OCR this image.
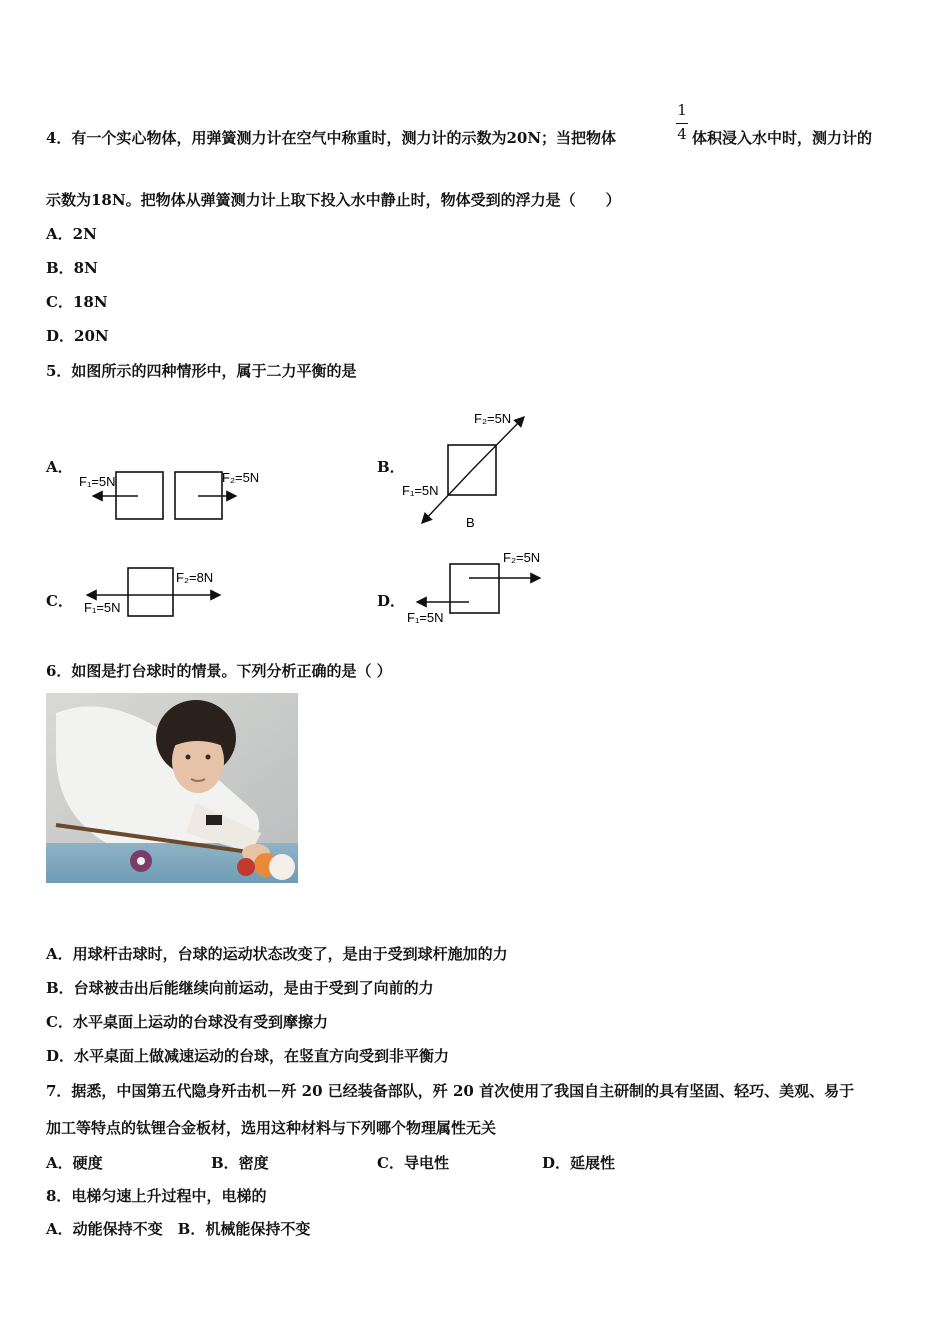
4．有一个实心物体，用弹簧测力计在空气中称重时，测力计的示数为20N；当把物体
1
4 体积浸入水中时，测力计的
示数为18N。把物体从弹簧测力计上取下投入水中静止时，物体受到的浮力是（　　）
A．2N
B．8N
C．18N
D．20N
5．如图所示的四种情形中，属于二力平衡的是
A．	B．
C．	D．
F₁=5N	F₂=5N
F₂=5N
F₁=5N
B
F₂=8N
F₁=5N
F₂=5N
F₁=5N
6．如图是打台球时的情景。下列分析正确的是（ ）
A．用球杆击球时，台球的运动状态改变了，是由于受到球杆施加的力
B．台球被击出后能继续向前运动，是由于受到了向前的力
C．水平桌面上运动的台球没有受到摩擦力
D．水平桌面上做减速运动的台球，在竖直方向受到非平衡力
7．据悉，中国第五代隐身歼击机－歼 20 已经装备部队，歼 20 首次使用了我国自主研制的具有坚固、轻巧、美观、易于
加工等特点的钛锂合金板材，选用这种材料与下列哪个物理属性无关
A．硬度	B．密度	C．导电性	D．延展性
8．电梯匀速上升过程中，电梯的
A．动能保持不变　B．机械能保持不变
